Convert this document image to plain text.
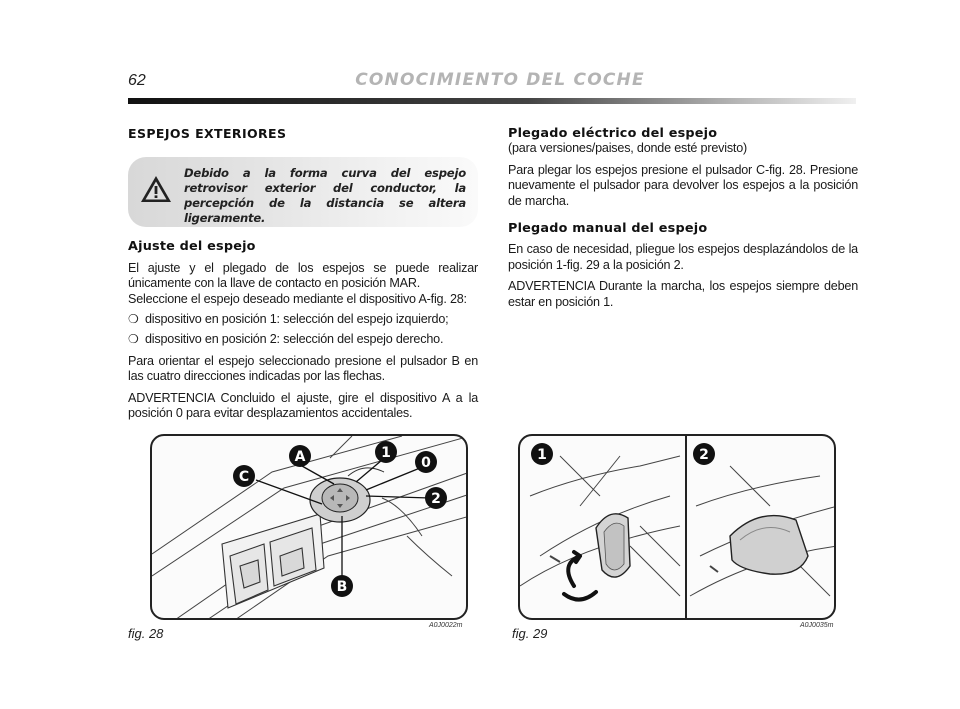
62	CONOCIMIENTO DEL COCHE
ESPEJOS EXTERIORES
Debido a la forma curva del espejo retrovisor exterior del conductor, la percepción de la distancia se altera ligeramente.
Ajuste del espejo

El ajuste y el plegado de los espejos se puede realizar únicamente con la llave de contacto en posición MAR.

Seleccione el espejo deseado mediante el dispositivo A-fig. 28:

❍ dispositivo en posición 1: selección del espejo izquierdo;
❍ dispositivo en posición 2: selección del espejo derecho.

Para orientar el espejo seleccionado presione el pulsador B en las cuatro direcciones indicadas por las flechas.

ADVERTENCIA Concluido el ajuste, gire el dispositivo A a la posición 0 para evitar desplazamientos accidentales.

Plegado eléctrico del espejo

(para versiones/paises, donde esté previsto)

Para plegar los espejos presione el pulsador C-fig. 28. Presione nuevamente el pulsador para devolver los espejos a la posición de marcha.

Plegado manual del espejo

En caso de necesidad, pliegue los espejos desplazándolos de la posición 1-fig. 29 a la posición 2.

ADVERTENCIA Durante la marcha, los espejos siempre deben estar en posición 1.

A	1
0
C
2
B
fig. 28
A0J0022m
1	2
fig. 29
A0J0035m
